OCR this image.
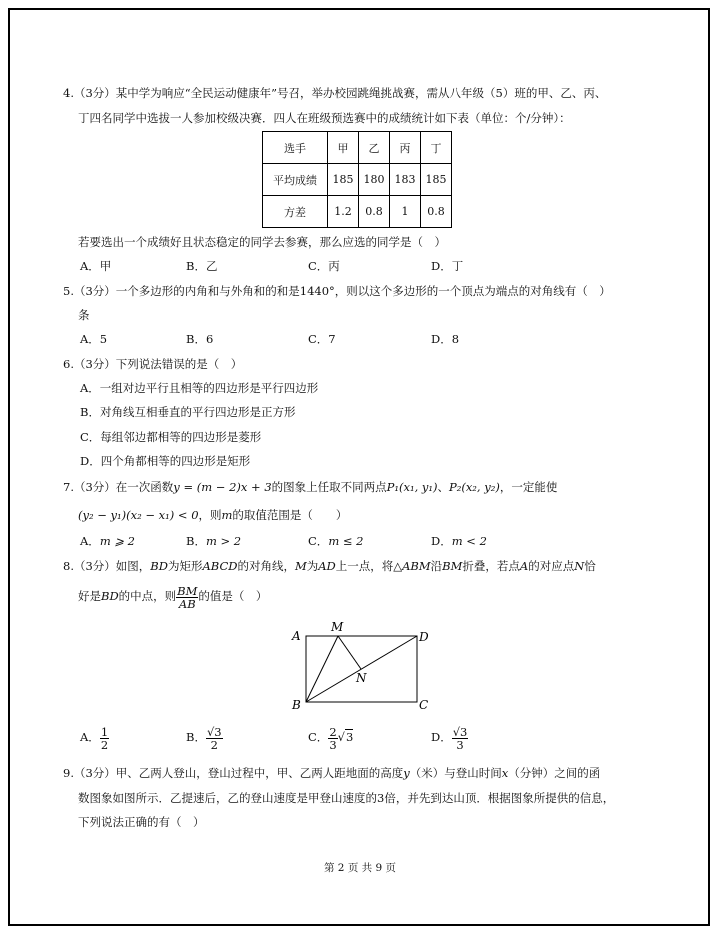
4.（3分）某中学为响应“全民运动健康年”号召，举办校园跳绳挑战赛，需从八年级（5）班的甲、乙、丙、
丁四名同学中选拔一人参加校级决赛．四人在班级预选赛中的成绩统计如下表（单位：个/分钟）：
选手	甲	乙	丙	丁
平均成绩	185	180	183	185
方差	1.2	0.8	1	0.8
若要选出一个成绩好且状态稳定的同学去参赛，那么应选的同学是（　）
A．甲	B．乙	C．丙	D．丁
5.（3分）一个多边形的内角和与外角和的和是1440°，则以这个多边形的一个顶点为端点的对角线有（　）
条
A．5	B．6	C．7	D．8
6.（3分）下列说法错误的是（　）
A．一组对边平行且相等的四边形是平行四边形
B．对角线互相垂直的平行四边形是正方形
C．每组邻边都相等的四边形是菱形
D．四个角都相等的四边形是矩形
7.（3分）在一次函数y = (m − 2)x + 3的图象上任取不同两点P₁(x₁, y₁)、P₂(x₂, y₂)，一定能使
(y₂ − y₁)(x₂ − x₁) < 0，则m的取值范围是（　　）
A．m ⩾ 2	B．m > 2	C．m ≤ 2	D．m < 2
8.（3分）如图，BD为矩形ABCD的对角线，M为AD上一点，将△ABM沿BM折叠，若点A的对应点N恰
好是BD的中点，则 $\frac{BM}{AB}$ 的值是（　）
A
M
D
N
B	C
A． $\frac{1}{2}$	B． $\frac{√3}{2}$	C． $\frac{2}{3} √3$	D． $\frac{√3}{3}$
9.（3分）甲、乙两人登山，登山过程中，甲、乙两人距地面的高度y（米）与登山时间x（分钟）之间的函
数图象如图所示．乙提速后，乙的登山速度是甲登山速度的3倍，并先到达山顶．根据图象所提供的信息，
下列说法正确的有（　）
第 2 页 共 9 页
